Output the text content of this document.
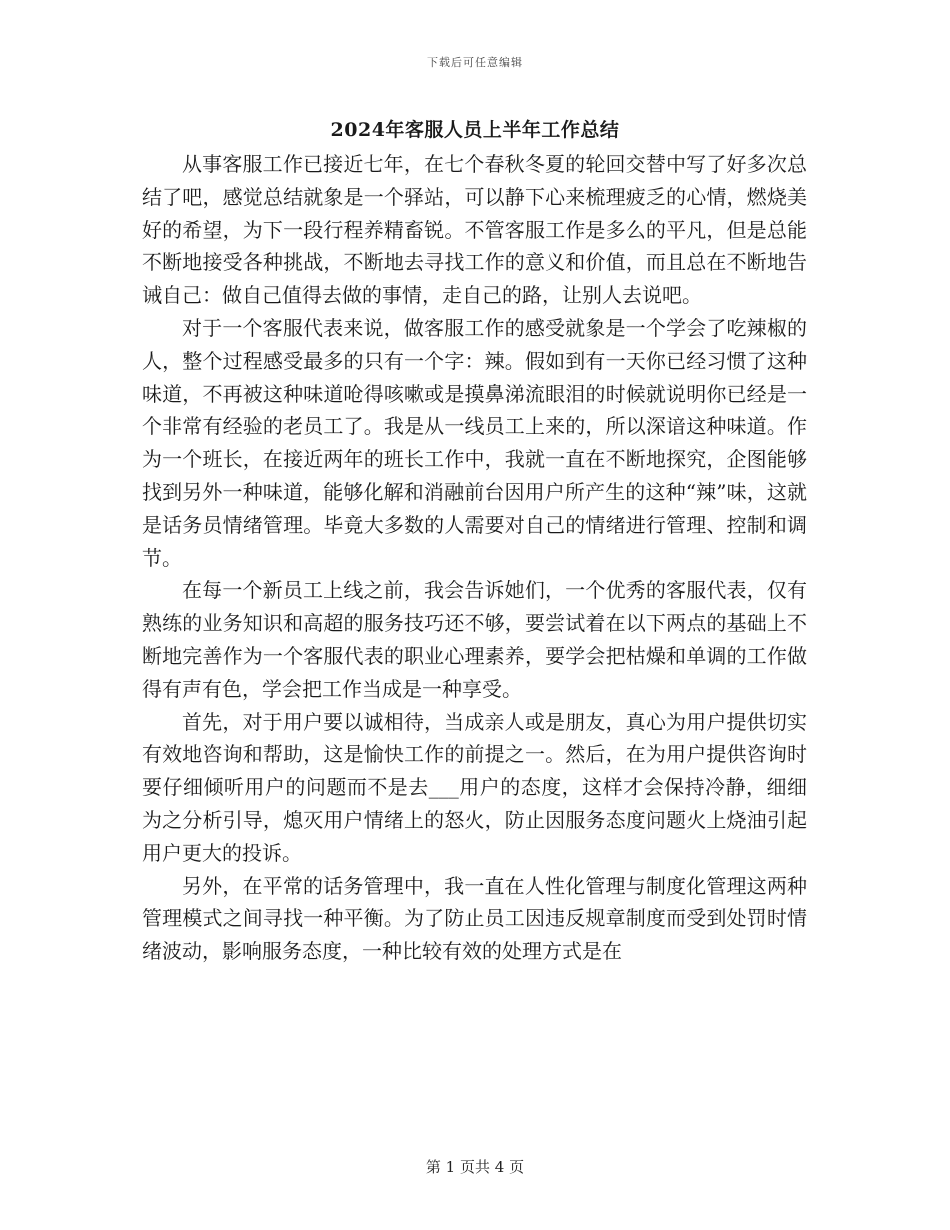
下载后可任意编辑
2024年客服人员上半年工作总结

从事客服工作已接近七年，在七个春秋冬夏的轮回交替中写了好多次总结了吧，感觉总结就象是一个驿站，可以静下心来梳理疲乏的心情，燃烧美好的希望，为下一段行程养精畜锐。不管客服工作是多么的平凡，但是总能不断地接受各种挑战，不断地去寻找工作的意义和价值，而且总在不断地告诫自己：做自己值得去做的事情，走自己的路，让别人去说吧。

对于一个客服代表来说，做客服工作的感受就象是一个学会了吃辣椒的人，整个过程感受最多的只有一个字：辣。假如到有一天你已经习惯了这种味道，不再被这种味道呛得咳嗽或是摸鼻涕流眼泪的时候就说明你已经是一个非常有经验的老员工了。我是从一线员工上来的，所以深谙这种味道。作为一个班长，在接近两年的班长工作中，我就一直在不断地探究，企图能够找到另外一种味道，能够化解和消融前台因用户所产生的这种“辣”味，这就是话务员情绪管理。毕竟大多数的人需要对自己的情绪进行管理、控制和调节。

在每一个新员工上线之前，我会告诉她们，一个优秀的客服代表，仅有熟练的业务知识和高超的服务技巧还不够，要尝试着在以下两点的基础上不断地完善作为一个客服代表的职业心理素养，要学会把枯燥和单调的工作做得有声有色，学会把工作当成是一种享受。

首先，对于用户要以诚相待，当成亲人或是朋友，真心为用户提供切实有效地咨询和帮助，这是愉快工作的前提之一。然后，在为用户提供咨询时要仔细倾听用户的问题而不是去___用户的态度，这样才会保持冷静，细细为之分析引导，熄灭用户情绪上的怒火，防止因服务态度问题火上烧油引起用户更大的投诉。

另外，在平常的话务管理中，我一直在人性化管理与制度化管理这两种管理模式之间寻找一种平衡。为了防止员工因违反规章制度而受到处罚时情绪波动，影响服务态度，一种比较有效的处理方式是在

第 1 页共 4 页
